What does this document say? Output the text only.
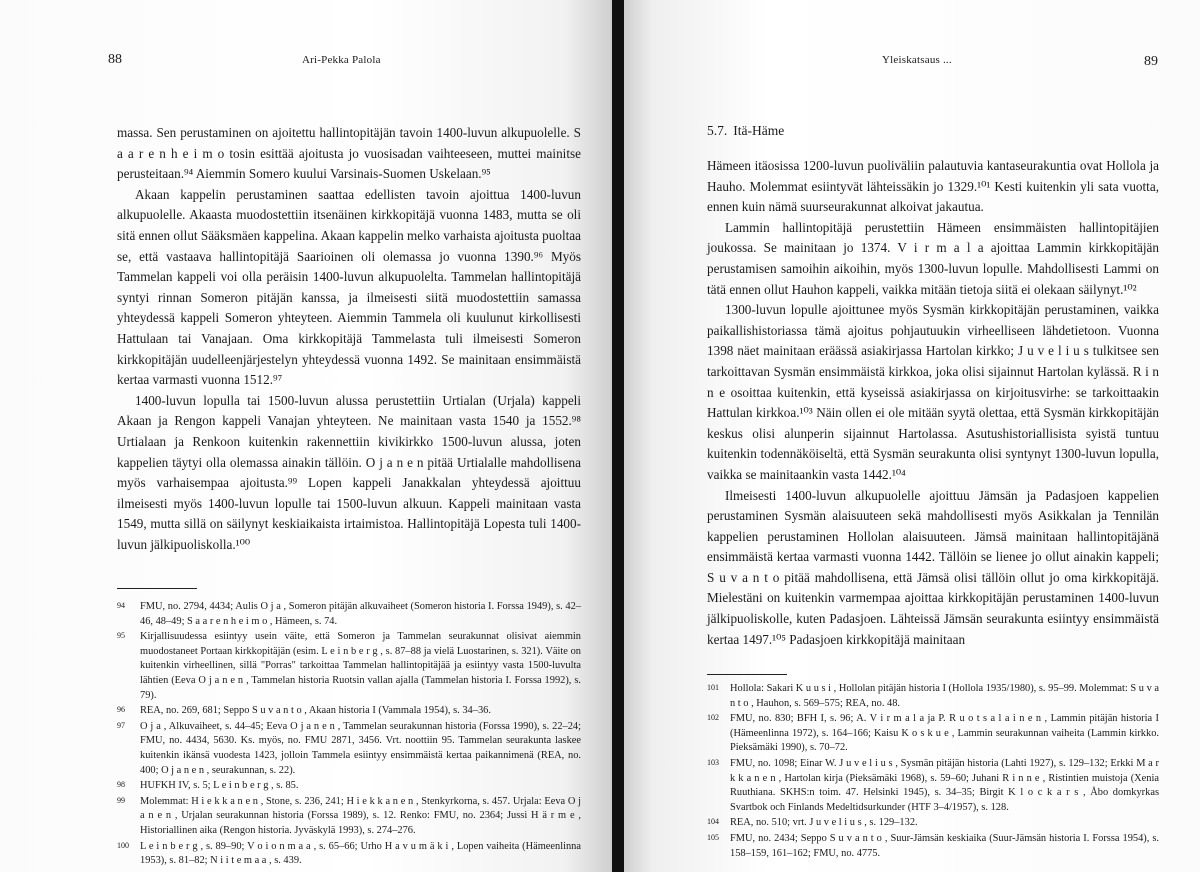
88	Ari-Pekka Palola

massa. Sen perustaminen on ajoitettu hallintopitäjän tavoin 1400-luvun alkupuolelle. S a a r e n h e i m o tosin esittää ajoitusta jo vuosisadan vaihteeseen, muttei mainitse perusteitaan.⁹⁴ Aiemmin Somero kuului Varsinais-Suomen Uskelaan.⁹⁵

Akaan kappelin perustaminen saattaa edellisten tavoin ajoittua 1400-luvun alkupuolelle. Akaasta muodostettiin itsenäinen kirkkopitäjä vuonna 1483, mutta se oli sitä ennen ollut Sääksmäen kappelina. Akaan kappelin melko varhaista ajoitusta puoltaa se, että vastaava hallintopitäjä Saarioinen oli olemassa jo vuonna 1390.⁹⁶ Myös Tammelan kappeli voi olla peräisin 1400-luvun alkupuolelta. Tammelan hallintopitäjä syntyi rinnan Someron pitäjän kanssa, ja ilmeisesti siitä muodostettiin samassa yhteydessä kappeli Someron yhteyteen. Aiemmin Tammela oli kuulunut kirkollisesti Hattulaan tai Vanajaan. Oma kirkkopitäjä Tammelasta tuli ilmeisesti Someron kirkkopitäjän uudelleenjärjestelyn yhteydessä vuonna 1492. Se mainitaan ensimmäistä kertaa varmasti vuonna 1512.⁹⁷

1400-luvun lopulla tai 1500-luvun alussa perustettiin Urtialan (Urjala) kappeli Akaan ja Rengon kappeli Vanajan yhteyteen. Ne mainitaan vasta 1540 ja 1552.⁹⁸ Urtialaan ja Renkoon kuitenkin rakennettiin kivikirkko 1500-luvun alussa, joten kappelien täytyi olla olemassa ainakin tällöin. O j a n e n pitää Urtialalle mahdollisena myös varhaisempaa ajoitusta.⁹⁹ Lopen kappeli Janakkalan yhteydessä ajoittuu ilmeisesti myös 1400-luvun lopulle tai 1500-luvun alkuun. Kappeli mainitaan vasta 1549, mutta sillä on säilynyt keskiaikaista irtaimistoa. Hallintopitäjä Lopesta tuli 1400-luvun jälkipuoliskolla.¹⁰⁰

94 FMU, no. 2794, 4434; Aulis O j a , Someron pitäjän alkuvaiheet (Someron historia I. Forssa 1949), s. 42–46, 48–49; S a a r e n h e i m o , Hämeen, s. 74.
95 Kirjallisuudessa esiintyy usein väite, että Someron ja Tammelan seurakunnat olisivat aiemmin muodostaneet Portaan kirkkopitäjän (esim. L e i n b e r g , s. 87–88 ja vielä Luostarinen, s. 321). Väite on kuitenkin virheellinen, sillä "Porras" tarkoittaa Tammelan hallintopitäjää ja esiintyy vasta 1500-luvulta lähtien (Eeva O j a n e n , Tammelan historia Ruotsin vallan ajalla (Tammelan historia I. Forssa 1992), s. 79).
96 REA, no. 269, 681; Seppo S u v a n t o , Akaan historia I (Vammala 1954), s. 34–36.
97 O j a , Alkuvaiheet, s. 44–45; Eeva O j a n e n , Tammelan seurakunnan historia (Forssa 1990), s. 22–24; FMU, no. 4434, 5630. Ks. myös, no. FMU 2871, 3456. Vrt. noottiin 95. Tammelan seurakunta laskee kuitenkin ikänsä vuodesta 1423, jolloin Tammela esiintyy ensimmäistä kertaa paikannimenä (REA, no. 400; O j a n e n , seurakunnan, s. 22).
98 HUFKH IV, s. 5; L e i n b e r g , s. 85.
99 Molemmat: H i e k k a n e n , Stone, s. 236, 241; H i e k k a n e n , Stenkyrkorna, s. 457. Urjala: Eeva O j a n e n , Urjalan seurakunnan historia (Forssa 1989), s. 12. Renko: FMU, no. 2364; Jussi H ä r m e , Historiallinen aika (Rengon historia. Jyväskylä 1993), s. 274–276.
100 L e i n b e r g , s. 89–90; V o i o n m a a , s. 65–66; Urho H a v u m ä k i , Lopen vaiheita (Hämeenlinna 1953), s. 81–82; N i i t e m a a , s. 439.
Yleiskatsaus ...	89
5.7. Itä-Häme

Hämeen itäosissa 1200-luvun puoliväliin palautuvia kantaseurakuntia ovat Hollola ja Hauho. Molemmat esiintyvät lähteissäkin jo 1329.¹⁰¹ Kesti kuitenkin yli sata vuotta, ennen kuin nämä suurseurakunnat alkoivat jakautua.

Lammin hallintopitäjä perustettiin Hämeen ensimmäisten hallintopitäjien joukossa. Se mainitaan jo 1374. V i r m a l a ajoittaa Lammin kirkkopitäjän perustamisen samoihin aikoihin, myös 1300-luvun lopulle. Mahdollisesti Lammi on tätä ennen ollut Hauhon kappeli, vaikka mitään tietoja siitä ei olekaan säilynyt.¹⁰²

1300-luvun lopulle ajoittunee myös Sysmän kirkkopitäjän perustaminen, vaikka paikallishistoriassa tämä ajoitus pohjautuukin virheelliseen lähdetietoon. Vuonna 1398 näet mainitaan eräässä asiakirjassa Hartolan kirkko; J u v e l i u s tulkitsee sen tarkoittavan Sysmän ensimmäistä kirkkoa, joka olisi sijainnut Hartolan kylässä. R i n n e osoittaa kuitenkin, että kyseissä asiakirjassa on kirjoitusvirhe: se tarkoittaakin Hattulan kirkkoa.¹⁰³ Näin ollen ei ole mitään syytä olettaa, että Sysmän kirkkopitäjän keskus olisi alunperin sijainnut Hartolassa. Asutushistoriallisista syistä tuntuu kuitenkin todennäköiseltä, että Sysmän seurakunta olisi syntynyt 1300-luvun lopulla, vaikka se mainitaankin vasta 1442.¹⁰⁴

Ilmeisesti 1400-luvun alkupuolelle ajoittuu Jämsän ja Padasjoen kappelien perustaminen Sysmän alaisuuteen sekä mahdollisesti myös Asikkalan ja Tennilän kappelien perustaminen Hollolan alaisuuteen. Jämsä mainitaan hallintopitäjänä ensimmäistä kertaa varmasti vuonna 1442. Tällöin se lienee jo ollut ainakin kappeli; S u v a n t o pitää mahdollisena, että Jämsä olisi tällöin ollut jo oma kirkkopitäjä. Mielestäni on kuitenkin varmempaa ajoittaa kirkkopitäjän perustaminen 1400-luvun jälkipuoliskolle, kuten Padasjoen. Lähteissä Jämsän seurakunta esiintyy ensimmäistä kertaa 1497.¹⁰⁵ Padasjoen kirkkopitäjä mainitaan

101 Hollola: Sakari K u u s i , Hollolan pitäjän historia I (Hollola 1935/1980), s. 95–99. Molemmat: S u v a n t o , Hauhon, s. 569–575; REA, no. 48.
102 FMU, no. 830; BFH I, s. 96; A. V i r m a l a ja P. R u o t s a l a i n e n , Lammin pitäjän historia I (Hämeenlinna 1972), s. 164–166; Kaisu K o s k u e , Lammin seurakunnan vaiheita (Lammin kirkko. Pieksämäki 1990), s. 70–72.
103 FMU, no. 1098; Einar W. J u v e l i u s , Sysmän pitäjän historia (Lahti 1927), s. 129–132; Erkki M a r k k a n e n , Hartolan kirja (Pieksämäki 1968), s. 59–60; Juhani R i n n e , Ristintien muistoja (Xenia Ruuthiana. SKHS:n toim. 47. Helsinki 1945), s. 34–35; Birgit K l o c k a r s , Åbo domkyrkas Svartbok och Finlands Medeltidsurkunder (HTF 3–4/1957), s. 128.
104 REA, no. 510; vrt. J u v e l i u s , s. 129–132.
105 FMU, no. 2434; Seppo S u v a n t o , Suur-Jämsän keskiaika (Suur-Jämsän historia I. Forssa 1954), s. 158–159, 161–162; FMU, no. 4775.
